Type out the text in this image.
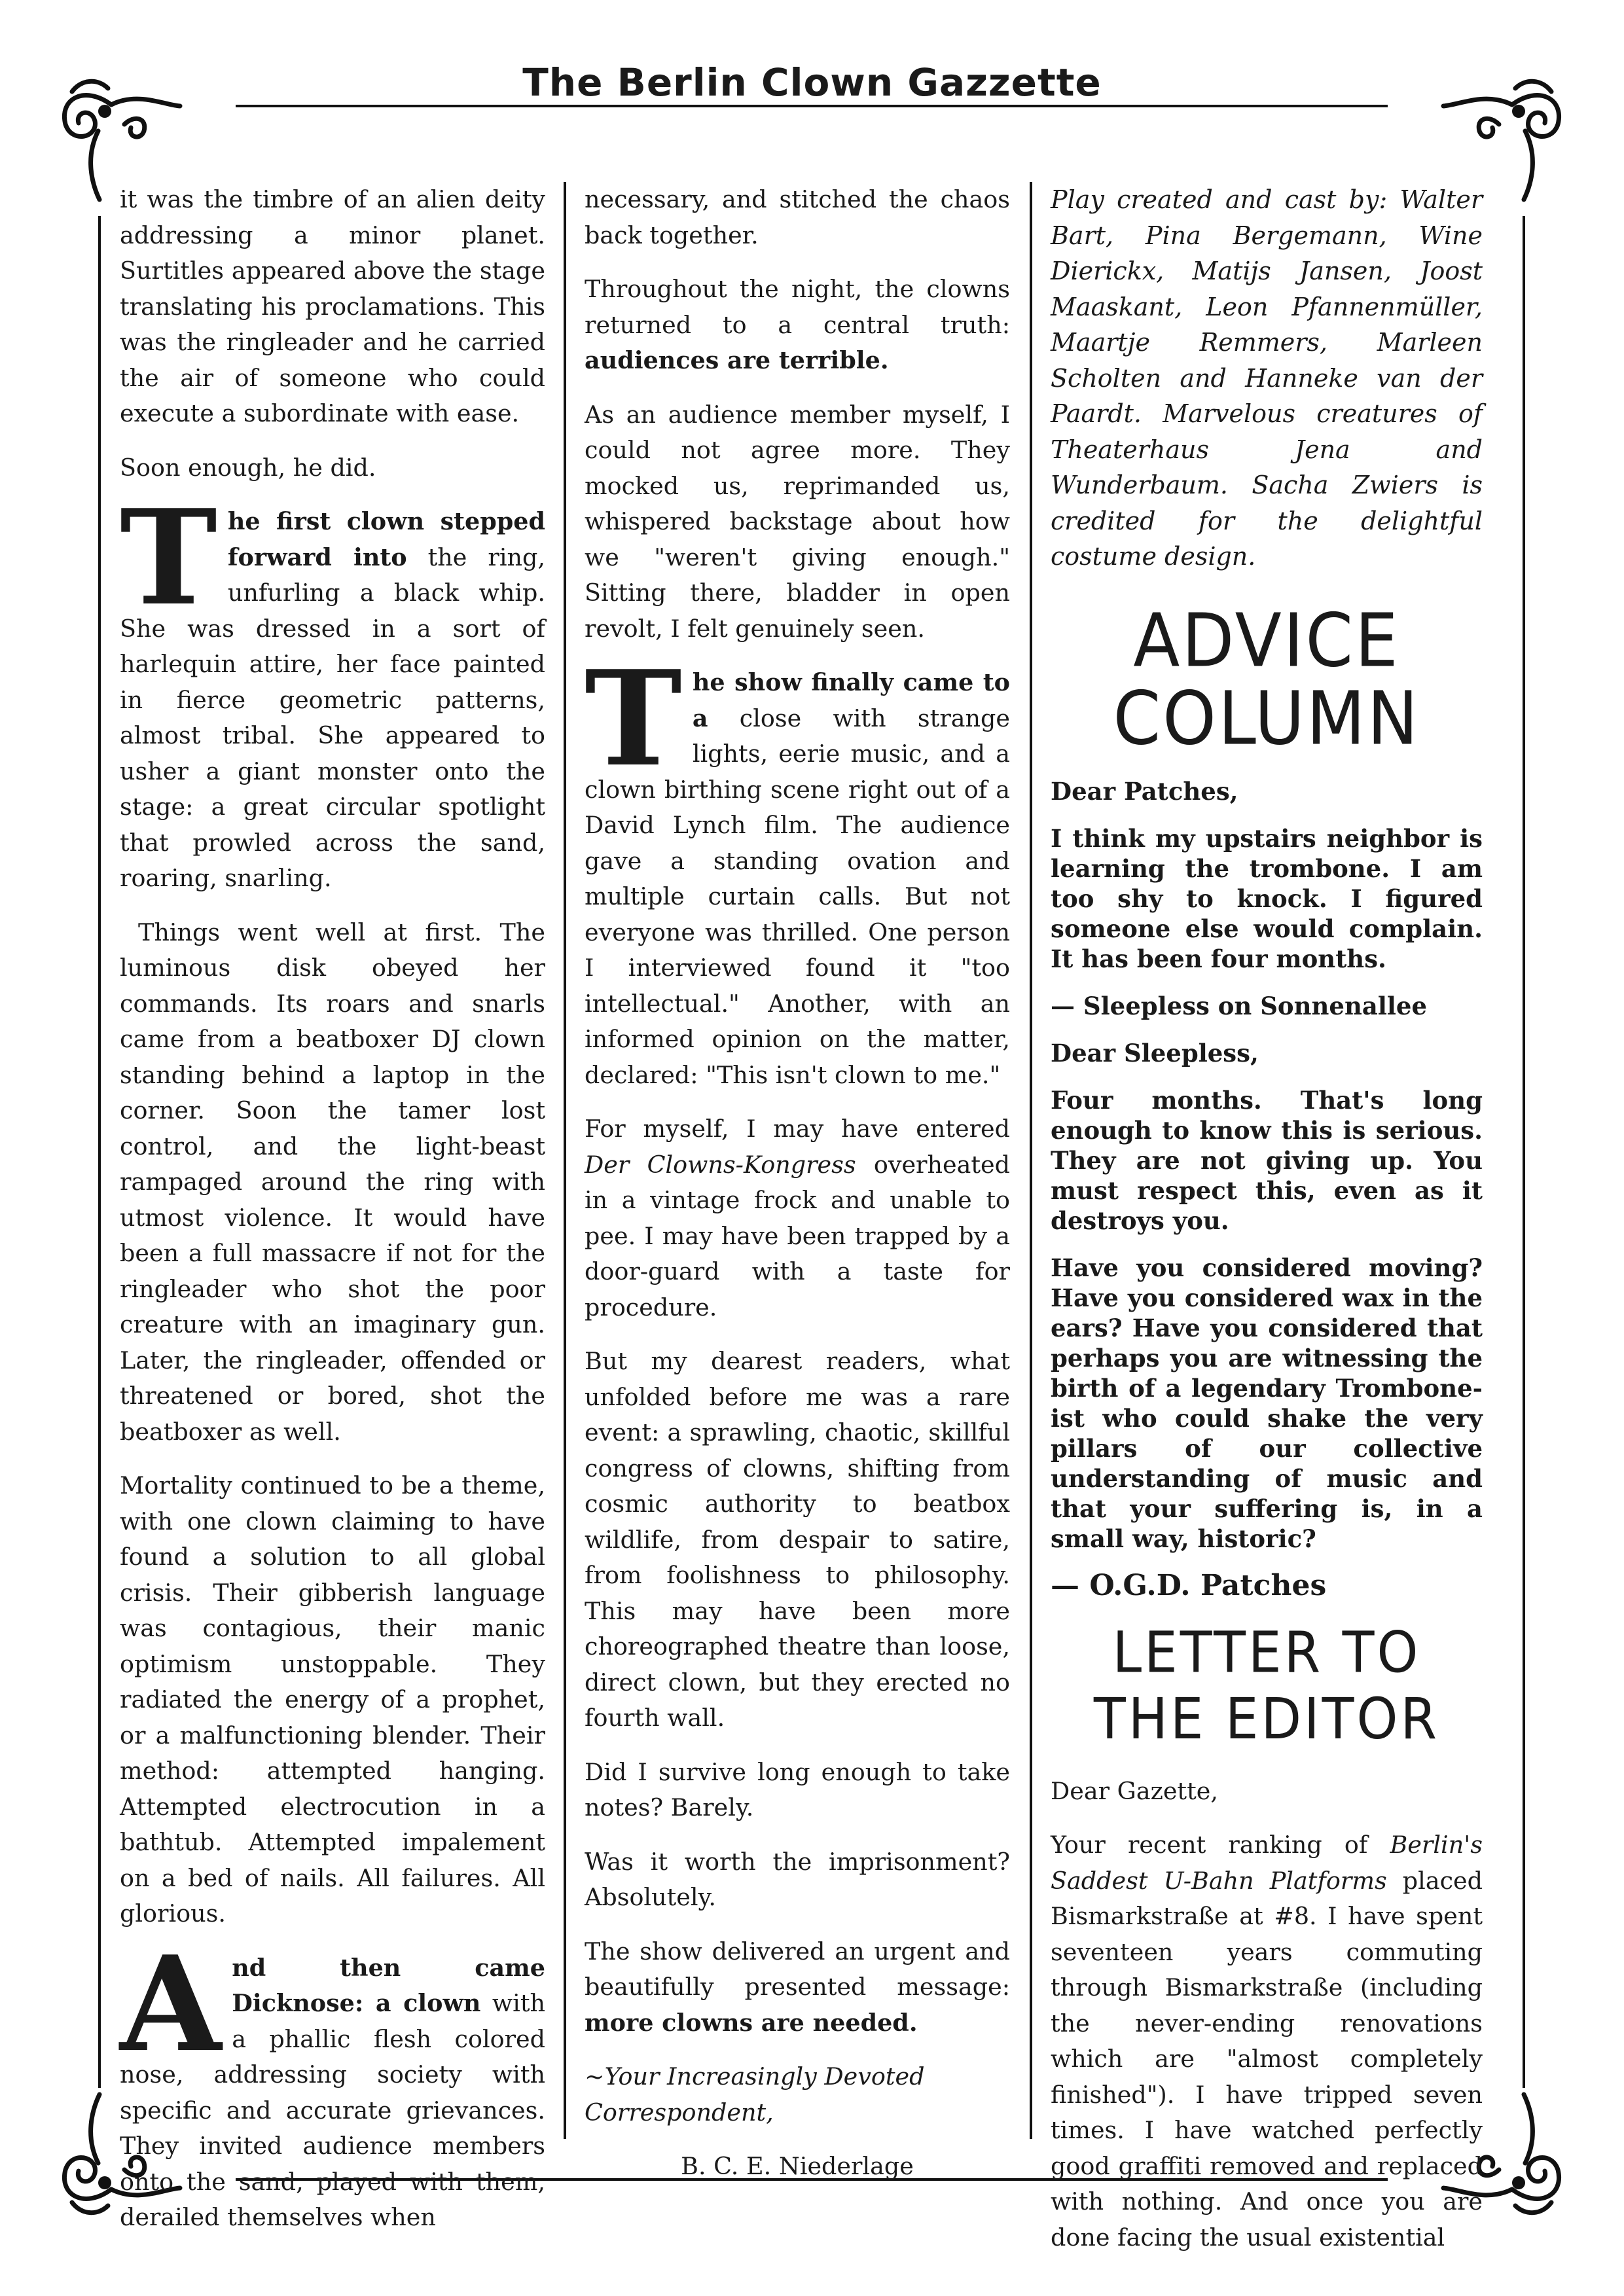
The Berlin Clown Gazzette

it was the timbre of an alien deity addressing a minor planet. Surtitles appeared above the stage translating his proclamations. This was the ringleader and he carried the air of someone who could execute a subordinate with ease.

Soon enough, he did.

The first clown stepped forward into the ring, unfurling a black whip. She was dressed in a sort of harlequin attire, her face painted in fierce geometric patterns, almost tribal. She appeared to usher a giant monster onto the stage: a great circular spotlight that prowled across the sand, roaring, snarling.

Things went well at first. The luminous disk obeyed her commands. Its roars and snarls came from a beatboxer DJ clown standing behind a laptop in the corner. Soon the tamer lost control, and the light-beast rampaged around the ring with utmost violence. It would have been a full massacre if not for the ringleader who shot the poor creature with an imaginary gun. Later, the ringleader, offended or threatened or bored, shot the beatboxer as well.

Mortality continued to be a theme, with one clown claiming to have found a solution to all global crisis. Their gibberish language was contagious, their manic optimism unstoppable. They radiated the energy of a prophet, or a malfunctioning blender. Their method: attempted hanging. Attempted electrocution in a bathtub. Attempted impalement on a bed of nails. All failures. All glorious.

And then came Dicknose: a clown with a phallic flesh colored nose, addressing society with specific and accurate grievances. They invited audience members onto the sand, played with them, derailed themselves when

necessary, and stitched the chaos back together.

Throughout the night, the clowns returned to a central truth: audiences are terrible.

As an audience member myself, I could not agree more. They mocked us, reprimanded us, whispered backstage about how we "weren't giving enough." Sitting there, bladder in open revolt, I felt genuinely seen.

The show finally came to a close with strange lights, eerie music, and a clown birthing scene right out of a David Lynch film. The audience gave a standing ovation and multiple curtain calls. But not everyone was thrilled. One person I interviewed found it "too intellectual." Another, with an informed opinion on the matter, declared: "This isn't clown to me."

For myself, I may have entered Der Clowns-Kongress overheated in a vintage frock and unable to pee. I may have been trapped by a door-guard with a taste for procedure.

But my dearest readers, what unfolded before me was a rare event: a sprawling, chaotic, skillful congress of clowns, shifting from cosmic authority to beatbox wildlife, from despair to satire, from foolishness to philosophy. This may have been more choreographed theatre than loose, direct clown, but they erected no fourth wall.

Did I survive long enough to take notes? Barely.

Was it worth the imprisonment? Absolutely.

The show delivered an urgent and beautifully presented message: more clowns are needed.

~Your Increasingly Devoted Correspondent,

B. C. E. Niederlage

Play created and cast by: Walter Bart, Pina Bergemann, Wine Dierickx, Matijs Jansen, Joost Maaskant, Leon Pfannenmüller, Maartje Remmers, Marleen Scholten and Hanneke van der Paardt. Marvelous creatures of Theaterhaus Jena and Wunderbaum. Sacha Zwiers is credited for the delightful costume design.

ADVICE COLUMN

Dear Patches,

I think my upstairs neighbor is learning the trombone. I am too shy to knock. I figured someone else would complain. It has been four months.

— Sleepless on Sonnenallee

Dear Sleepless,

Four months. That's long enough to know this is serious. They are not giving up. You must respect this, even as it destroys you.

Have you considered moving? Have you considered wax in the ears? Have you considered that perhaps you are witnessing the birth of a legendary Trombone-ist who could shake the very pillars of our collective understanding of music and that your suffering is, in a small way, historic?

— O.G.D. Patches

LETTER TO THE EDITOR

Dear Gazette,

Your recent ranking of Berlin's Saddest U-Bahn Platforms placed Bismarkstraße at #8. I have spent seventeen years commuting through Bismarkstraße (including the never-ending renovations which are "almost completely finished"). I have tripped seven times. I have watched perfectly good graffiti removed and replaced with nothing. And once you are done facing the usual existential
